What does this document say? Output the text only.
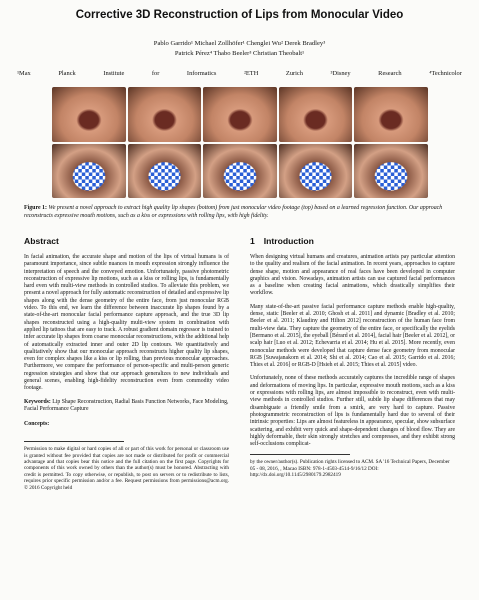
Corrective 3D Reconstruction of Lips from Monocular Video
Pablo Garrido¹ Michael Zollhöfer¹ Chenglei Wu² Derek Bradley³
Patrick Pérez⁴ Thabo Beeler³ Christian Theobalt¹
¹Max Planck Institute for Informatics ²ETH Zurich ³Disney Research ⁴Technicolor
Figure 1: We present a novel approach to extract high quality lip shapes (bottom) from just monocular video footage (top) based on a learned regression function. Our approach reconstructs expressive mouth motions, such as a kiss or expressions with rolling lips, with high fidelity.
Abstract

In facial animation, the accurate shape and motion of the lips of virtual humans is of paramount importance, since subtle nuances in mouth expression strongly influence the interpretation of speech and the conveyed emotion. Unfortunately, passive photometric reconstruction of expressive lip motions, such as a kiss or rolling lips, is fundamentally hard even with multi-view methods in controlled studios. To alleviate this problem, we present a novel approach for fully automatic reconstruction of detailed and expressive lip shapes along with the dense geometry of the entire face, from just monocular RGB video. To this end, we learn the difference between inaccurate lip shapes found by a state-of-the-art monocular facial performance capture approach, and the true 3D lip shapes reconstructed using a high-quality multi-view system in combination with applied lip tattoos that are easy to track. A robust gradient domain regressor is trained to infer accurate lip shapes from coarse monocular reconstructions, with the additional help of automatically extracted inner and outer 2D lip contours. We quantitatively and qualitatively show that our monocular approach reconstructs higher quality lip shapes, even for complex shapes like a kiss or lip rolling, than previous monocular approaches. Furthermore, we compare the performance of person-specific and multi-person generic regression strategies and show that our approach generalizes to new individuals and general scenes, enabling high-fidelity reconstruction even from commodity video footage.

Keywords: Lip Shape Reconstruction, Radial Basis Function Networks, Face Modeling, Facial Performance Capture
Concepts:
Permission to make digital or hard copies of all or part of this work for personal or classroom use is granted without fee provided that copies are not made or distributed for profit or commercial advantage and that copies bear this notice and the full citation on the first page. Copyrights for components of this work owned by others than the author(s) must be honored. Abstracting with credit is permitted. To copy otherwise, or republish, to post on servers or to redistribute to lists, requires prior specific permission and/or a fee. Request permissions from permissions@acm.org. © 2016 Copyright held
1 Introduction

When designing virtual humans and creatures, animation artists pay particular attention to the quality and realism of the facial animation. In recent years, approaches to capture dense shape, motion and appearance of real faces have been developed in computer graphics and vision. Nowadays, animation artists can use captured facial performances as a baseline when creating facial animations, which drastically simplifies their workflow.

Many state-of-the-art passive facial performance capture methods enable high-quality, dense, static [Beeler et al. 2010; Ghosh et al. 2011] and dynamic [Bradley et al. 2010; Beeler et al. 2011; Klaudiny and Hilton 2012] reconstruction of the human face from multi-view data. They capture the geometry of the entire face, or specifically the eyelids [Bermano et al. 2015], the eyeball [Bérard et al. 2014], facial hair [Beeler et al. 2012], or scalp hair [Luo et al. 2012; Echevarria et al. 2014; Hu et al. 2015]. More recently, even monocular methods were developed that capture dense face geometry from monocular RGB [Suwajanakorn et al. 2014; Shi et al. 2014; Cao et al. 2015; Garrido et al. 2016; Thies et al. 2016] or RGB-D [Hsieh et al. 2015; Thies et al. 2015] video.

Unfortunately, none of these methods accurately captures the incredible range of shapes and deformations of moving lips. In particular, expressive mouth motions, such as a kiss or expressions with rolling lips, are almost impossible to reconstruct, even with multi-view methods in controlled studios. Further still, subtle lip shape differences that may disambiguate a friendly smile from a smirk, are very hard to capture. Passive photogrammetric reconstruction of lips is fundamentally hard due to several of their intrinsic properties: Lips are almost featureless in appearance, specular, show subsurface scattering, and exhibit very quick and shape-dependent changes of blood flow. They are highly deformable, their skin strongly stretches and compresses, and they exhibit strong self-occlusions complicat-

by the owner/author(s). Publication rights licensed to ACM. SA '16 Technical Papers, December 05 - 08, 2016, , Macao ISBN: 978-1-4503-4514-9/16/12 DOI: http://dx.doi.org/10.1145/2980179.2982419
